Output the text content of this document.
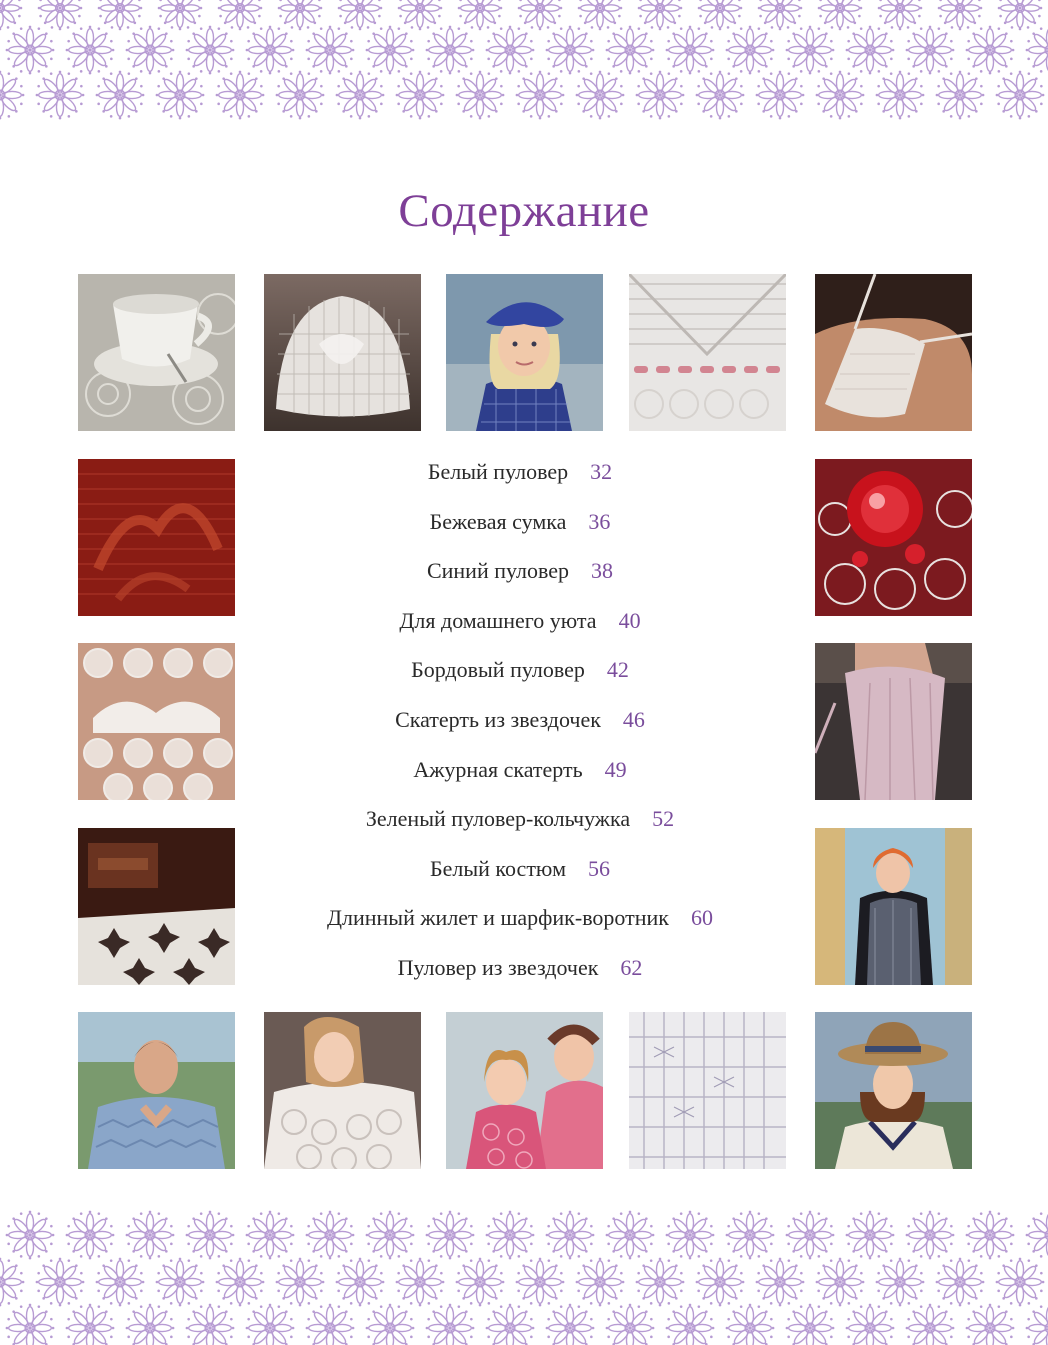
Содержание
Белый пуловер 32
Бежевая сумка 36
Синий пуловер 38
Для домашнего уюта 40
Бордовый пуловер 42
Скатерть из звездочек 46
Ажурная скатерть 49
Зеленый пуловер-кольчужка 52
Белый костюм 56
Длинный жилет и шарфик-воротник 60
Пуловер из звездочек 62
